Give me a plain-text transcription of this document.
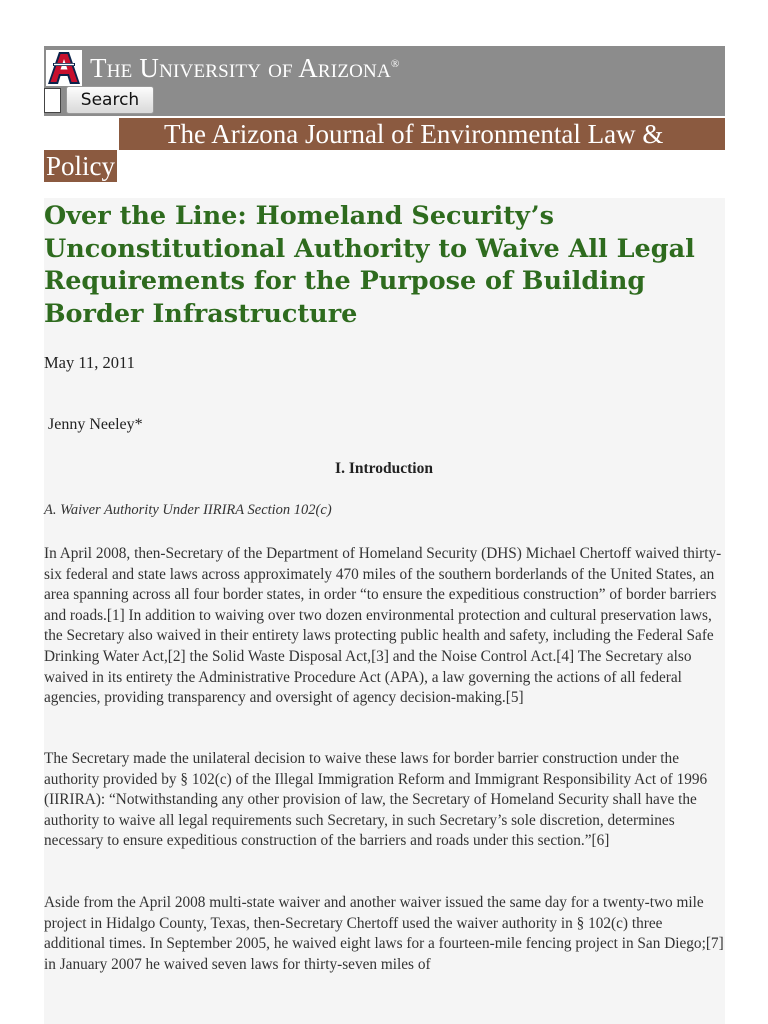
The University of Arizona®
Search
The Arizona Journal of Environmental Law &
Policy
Over the Line: Homeland Security’s Unconstitutional Authority to Waive All Legal Requirements for the Purpose of Building Border Infrastructure

May 11, 2011

Jenny Neeley*

I. Introduction

A. Waiver Authority Under IIRIRA Section 102(c)

In April 2008, then-Secretary of the Department of Homeland Security (DHS) Michael Chertoff waived thirty-six federal and state laws across approximately 470 miles of the southern borderlands of the United States, an area spanning across all four border states, in order “to ensure the expeditious construction” of border barriers and roads.[1] In addition to waiving over two dozen environmental protection and cultural preservation laws, the Secretary also waived in their entirety laws protecting public health and safety, including the Federal Safe Drinking Water Act,[2] the Solid Waste Disposal Act,[3] and the Noise Control Act.[4] The Secretary also waived in its entirety the Administrative Procedure Act (APA), a law governing the actions of all federal agencies, providing transparency and oversight of agency decision-making.[5]

The Secretary made the unilateral decision to waive these laws for border barrier construction under the authority provided by § 102(c) of the Illegal Immigration Reform and Immigrant Responsibility Act of 1996 (IIRIRA): “Notwithstanding any other provision of law, the Secretary of Homeland Security shall have the authority to waive all legal requirements such Secretary, in such Secretary’s sole discretion, determines necessary to ensure expeditious construction of the barriers and roads under this section.”[6]

Aside from the April 2008 multi-state waiver and another waiver issued the same day for a twenty-two mile project in Hidalgo County, Texas, then-Secretary Chertoff used the waiver authority in § 102(c) three additional times. In September 2005, he waived eight laws for a fourteen-mile fencing project in San Diego;[7] in January 2007 he waived seven laws for thirty-seven miles of
